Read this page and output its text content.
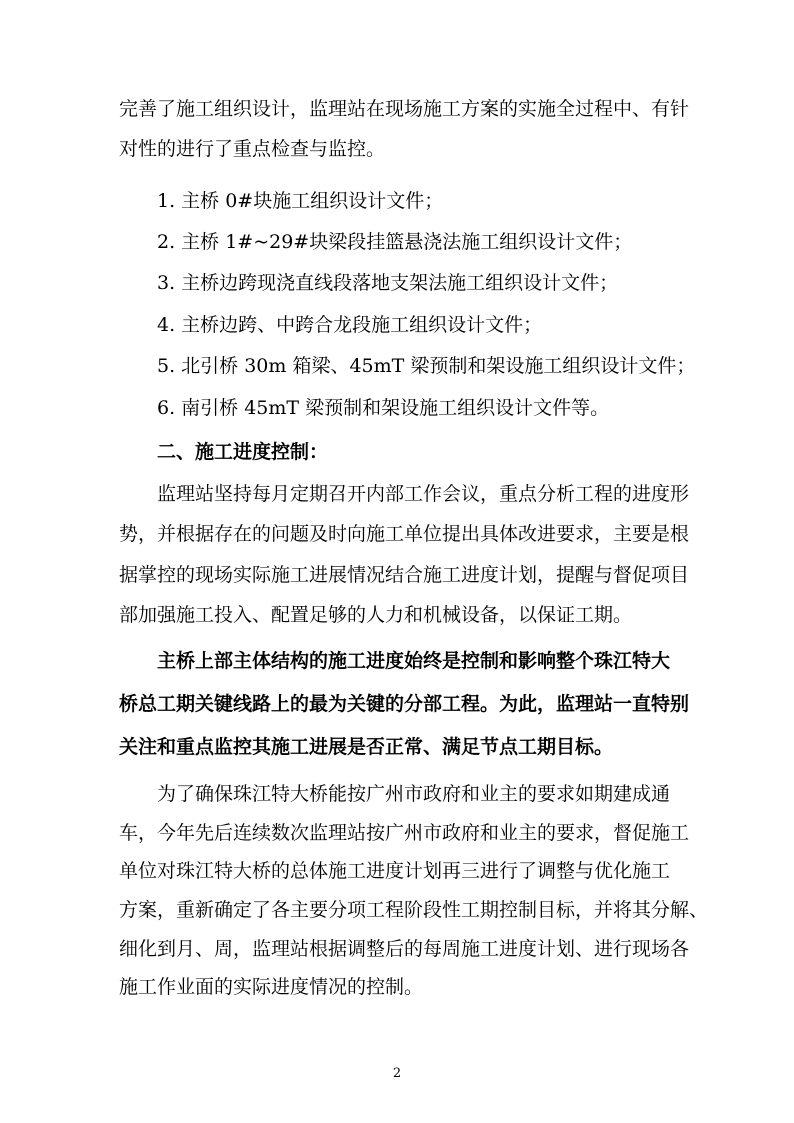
完善了施工组织设计，监理站在现场施工方案的实施全过程中、有针
对性的进行了重点检查与监控。
1. 主桥 0#块施工组织设计文件；
2. 主桥 1#~29#块梁段挂篮悬浇法施工组织设计文件；
3. 主桥边跨现浇直线段落地支架法施工组织设计文件；
4. 主桥边跨、中跨合龙段施工组织设计文件；
5. 北引桥 30m 箱梁、45mT 梁预制和架设施工组织设计文件；
6. 南引桥 45mT 梁预制和架设施工组织设计文件等。
二、施工进度控制：
监理站坚持每月定期召开内部工作会议，重点分析工程的进度形
势，并根据存在的问题及时向施工单位提出具体改进要求，主要是根
据掌控的现场实际施工进展情况结合施工进度计划，提醒与督促项目
部加强施工投入、配置足够的人力和机械设备，以保证工期。
主桥上部主体结构的施工进度始终是控制和影响整个珠江特大
桥总工期关键线路上的最为关键的分部工程。为此，监理站一直特别
关注和重点监控其施工进展是否正常、满足节点工期目标。
为了确保珠江特大桥能按广州市政府和业主的要求如期建成通
车，今年先后连续数次监理站按广州市政府和业主的要求，督促施工
单位对珠江特大桥的总体施工进度计划再三进行了调整与优化施工
方案，重新确定了各主要分项工程阶段性工期控制目标，并将其分解、
细化到月、周，监理站根据调整后的每周施工进度计划、进行现场各
施工作业面的实际进度情况的控制。
2
